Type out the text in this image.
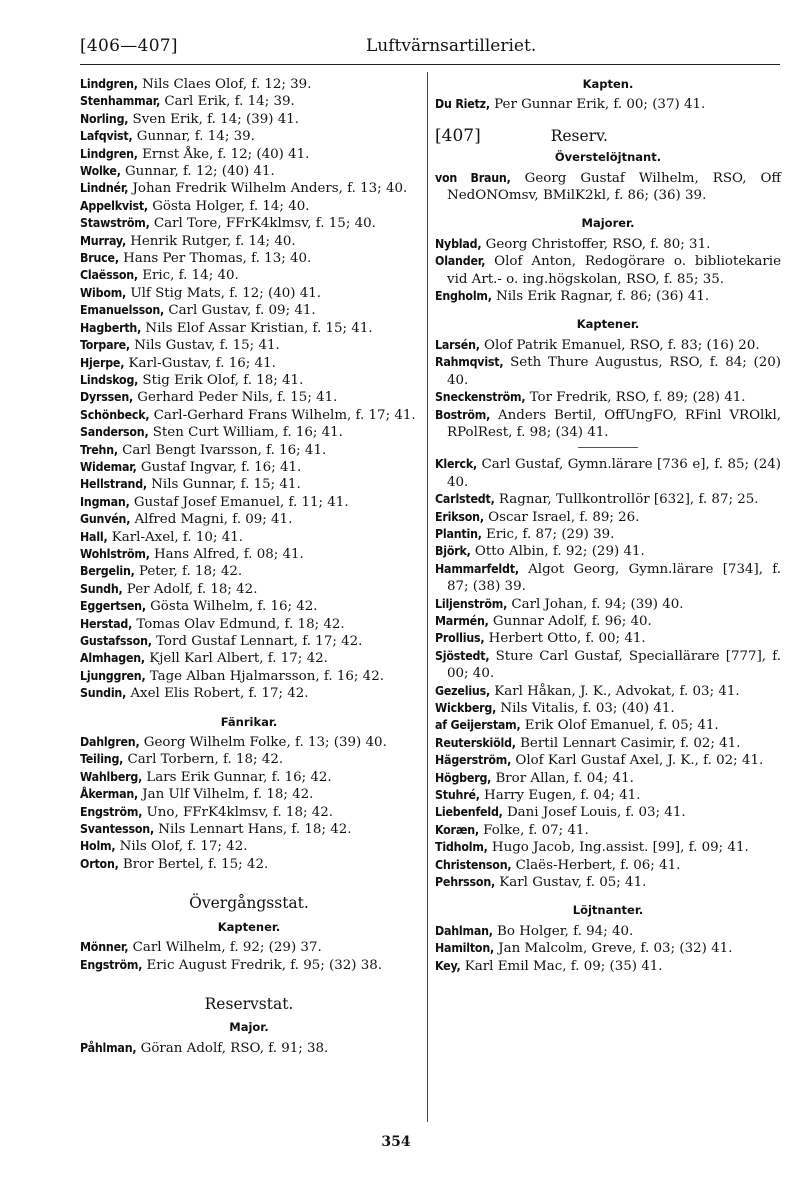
[406—407]	Luftvärnsartilleriet.
Lindgren, Nils Claes Olof, f. 12; 39.
Stenhammar, Carl Erik, f. 14; 39.
Norling, Sven Erik, f. 14; (39) 41.
Lafqvist, Gunnar, f. 14; 39.
Lindgren, Ernst Åke, f. 12; (40) 41.
Wolke, Gunnar, f. 12; (40) 41.
Lindnér, Johan Fredrik Wilhelm Anders, f. 13; 40.
Appelkvist, Gösta Holger, f. 14; 40.
Stawström, Carl Tore, FFrK4klmsv, f. 15; 40.
Murray, Henrik Rutger, f. 14; 40.
Bruce, Hans Per Thomas, f. 13; 40.
Claësson, Eric, f. 14; 40.
Wibom, Ulf Stig Mats, f. 12; (40) 41.
Emanuelsson, Carl Gustav, f. 09; 41.
Hagberth, Nils Elof Assar Kristian, f. 15; 41.
Torpare, Nils Gustav, f. 15; 41.
Hjerpe, Karl-Gustav, f. 16; 41.
Lindskog, Stig Erik Olof, f. 18; 41.
Dyrssen, Gerhard Peder Nils, f. 15; 41.
Schönbeck, Carl-Gerhard Frans Wilhelm, f. 17; 41.
Sanderson, Sten Curt William, f. 16; 41.
Trehn, Carl Bengt Ivarsson, f. 16; 41.
Widemar, Gustaf Ingvar, f. 16; 41.
Hellstrand, Nils Gunnar, f. 15; 41.
Ingman, Gustaf Josef Emanuel, f. 11; 41.
Gunvén, Alfred Magni, f. 09; 41.
Hall, Karl-Axel, f. 10; 41.
Wohlström, Hans Alfred, f. 08; 41.
Bergelin, Peter, f. 18; 42.
Sundh, Per Adolf, f. 18; 42.
Eggertsen, Gösta Wilhelm, f. 16; 42.
Herstad, Tomas Olav Edmund, f. 18; 42.
Gustafsson, Tord Gustaf Lennart, f. 17; 42.
Almhagen, Kjell Karl Albert, f. 17; 42.
Ljunggren, Tage Alban Hjalmarsson, f. 16; 42.
Sundin, Axel Elis Robert, f. 17; 42.
Fänrikar.
Dahlgren, Georg Wilhelm Folke, f. 13; (39) 40.
Teiling, Carl Torbern, f. 18; 42.
Wahlberg, Lars Erik Gunnar, f. 16; 42.
Åkerman, Jan Ulf Vilhelm, f. 18; 42.
Engström, Uno, FFrK4klmsv, f. 18; 42.
Svantesson, Nils Lennart Hans, f. 18; 42.
Holm, Nils Olof, f. 17; 42.
Orton, Bror Bertel, f. 15; 42.
Övergångsstat.
Kaptener.
Mönner, Carl Wilhelm, f. 92; (29) 37.
Engström, Eric August Fredrik, f. 95; (32) 38.
Reservstat.
Major.
Påhlman, Göran Adolf, RSO, f. 91; 38.
Kapten.
Du Rietz, Per Gunnar Erik, f. 00; (37) 41.
[407]	Reserv.
Överstelöjtnant.
von Braun, Georg Gustaf Wilhelm, RSO, Off NedONOmsv, BMilK2kl, f. 86; (36) 39.
Majorer.
Nyblad, Georg Christoffer, RSO, f. 80; 31.
Olander, Olof Anton, Redogörare o. bibliotekarie vid Art.- o. ing.högskolan, RSO, f. 85; 35.
Engholm, Nils Erik Ragnar, f. 86; (36) 41.
Kaptener.
Larsén, Olof Patrik Emanuel, RSO, f. 83; (16) 20.
Rahmqvist, Seth Thure Augustus, RSO, f. 84; (20) 40.
Sneckenström, Tor Fredrik, RSO, f. 89; (28) 41.
Boström, Anders Bertil, OffUngFO, RFinl VROlkl, RPolRest, f. 98; (34) 41.
Klerck, Carl Gustaf, Gymn.lärare [736 e], f. 85; (24) 40.
Carlstedt, Ragnar, Tullkontrollör [632], f. 87; 25.
Erikson, Oscar Israel, f. 89; 26.
Plantin, Eric, f. 87; (29) 39.
Björk, Otto Albin, f. 92; (29) 41.
Hammarfeldt, Algot Georg, Gymn.lärare [734], f. 87; (38) 39.
Liljenström, Carl Johan, f. 94; (39) 40.
Marmén, Gunnar Adolf, f. 96; 40.
Prollius, Herbert Otto, f. 00; 41.
Sjöstedt, Sture Carl Gustaf, Speciallärare [777], f. 00; 40.
Gezelius, Karl Håkan, J. K., Advokat, f. 03; 41.
Wickberg, Nils Vitalis, f. 03; (40) 41.
af Geijerstam, Erik Olof Emanuel, f. 05; 41.
Reuterskiöld, Bertil Lennart Casimir, f. 02; 41.
Hägerström, Olof Karl Gustaf Axel, J. K., f. 02; 41.
Högberg, Bror Allan, f. 04; 41.
Stuhré, Harry Eugen, f. 04; 41.
Liebenfeld, Dani Josef Louis, f. 03; 41.
Koræn, Folke, f. 07; 41.
Tidholm, Hugo Jacob, Ing.assist. [99], f. 09; 41.
Christenson, Claës-Herbert, f. 06; 41.
Pehrsson, Karl Gustav, f. 05; 41.
Löjtnanter.
Dahlman, Bo Holger, f. 94; 40.
Hamilton, Jan Malcolm, Greve, f. 03; (32) 41.
Key, Karl Emil Mac, f. 09; (35) 41.
354
